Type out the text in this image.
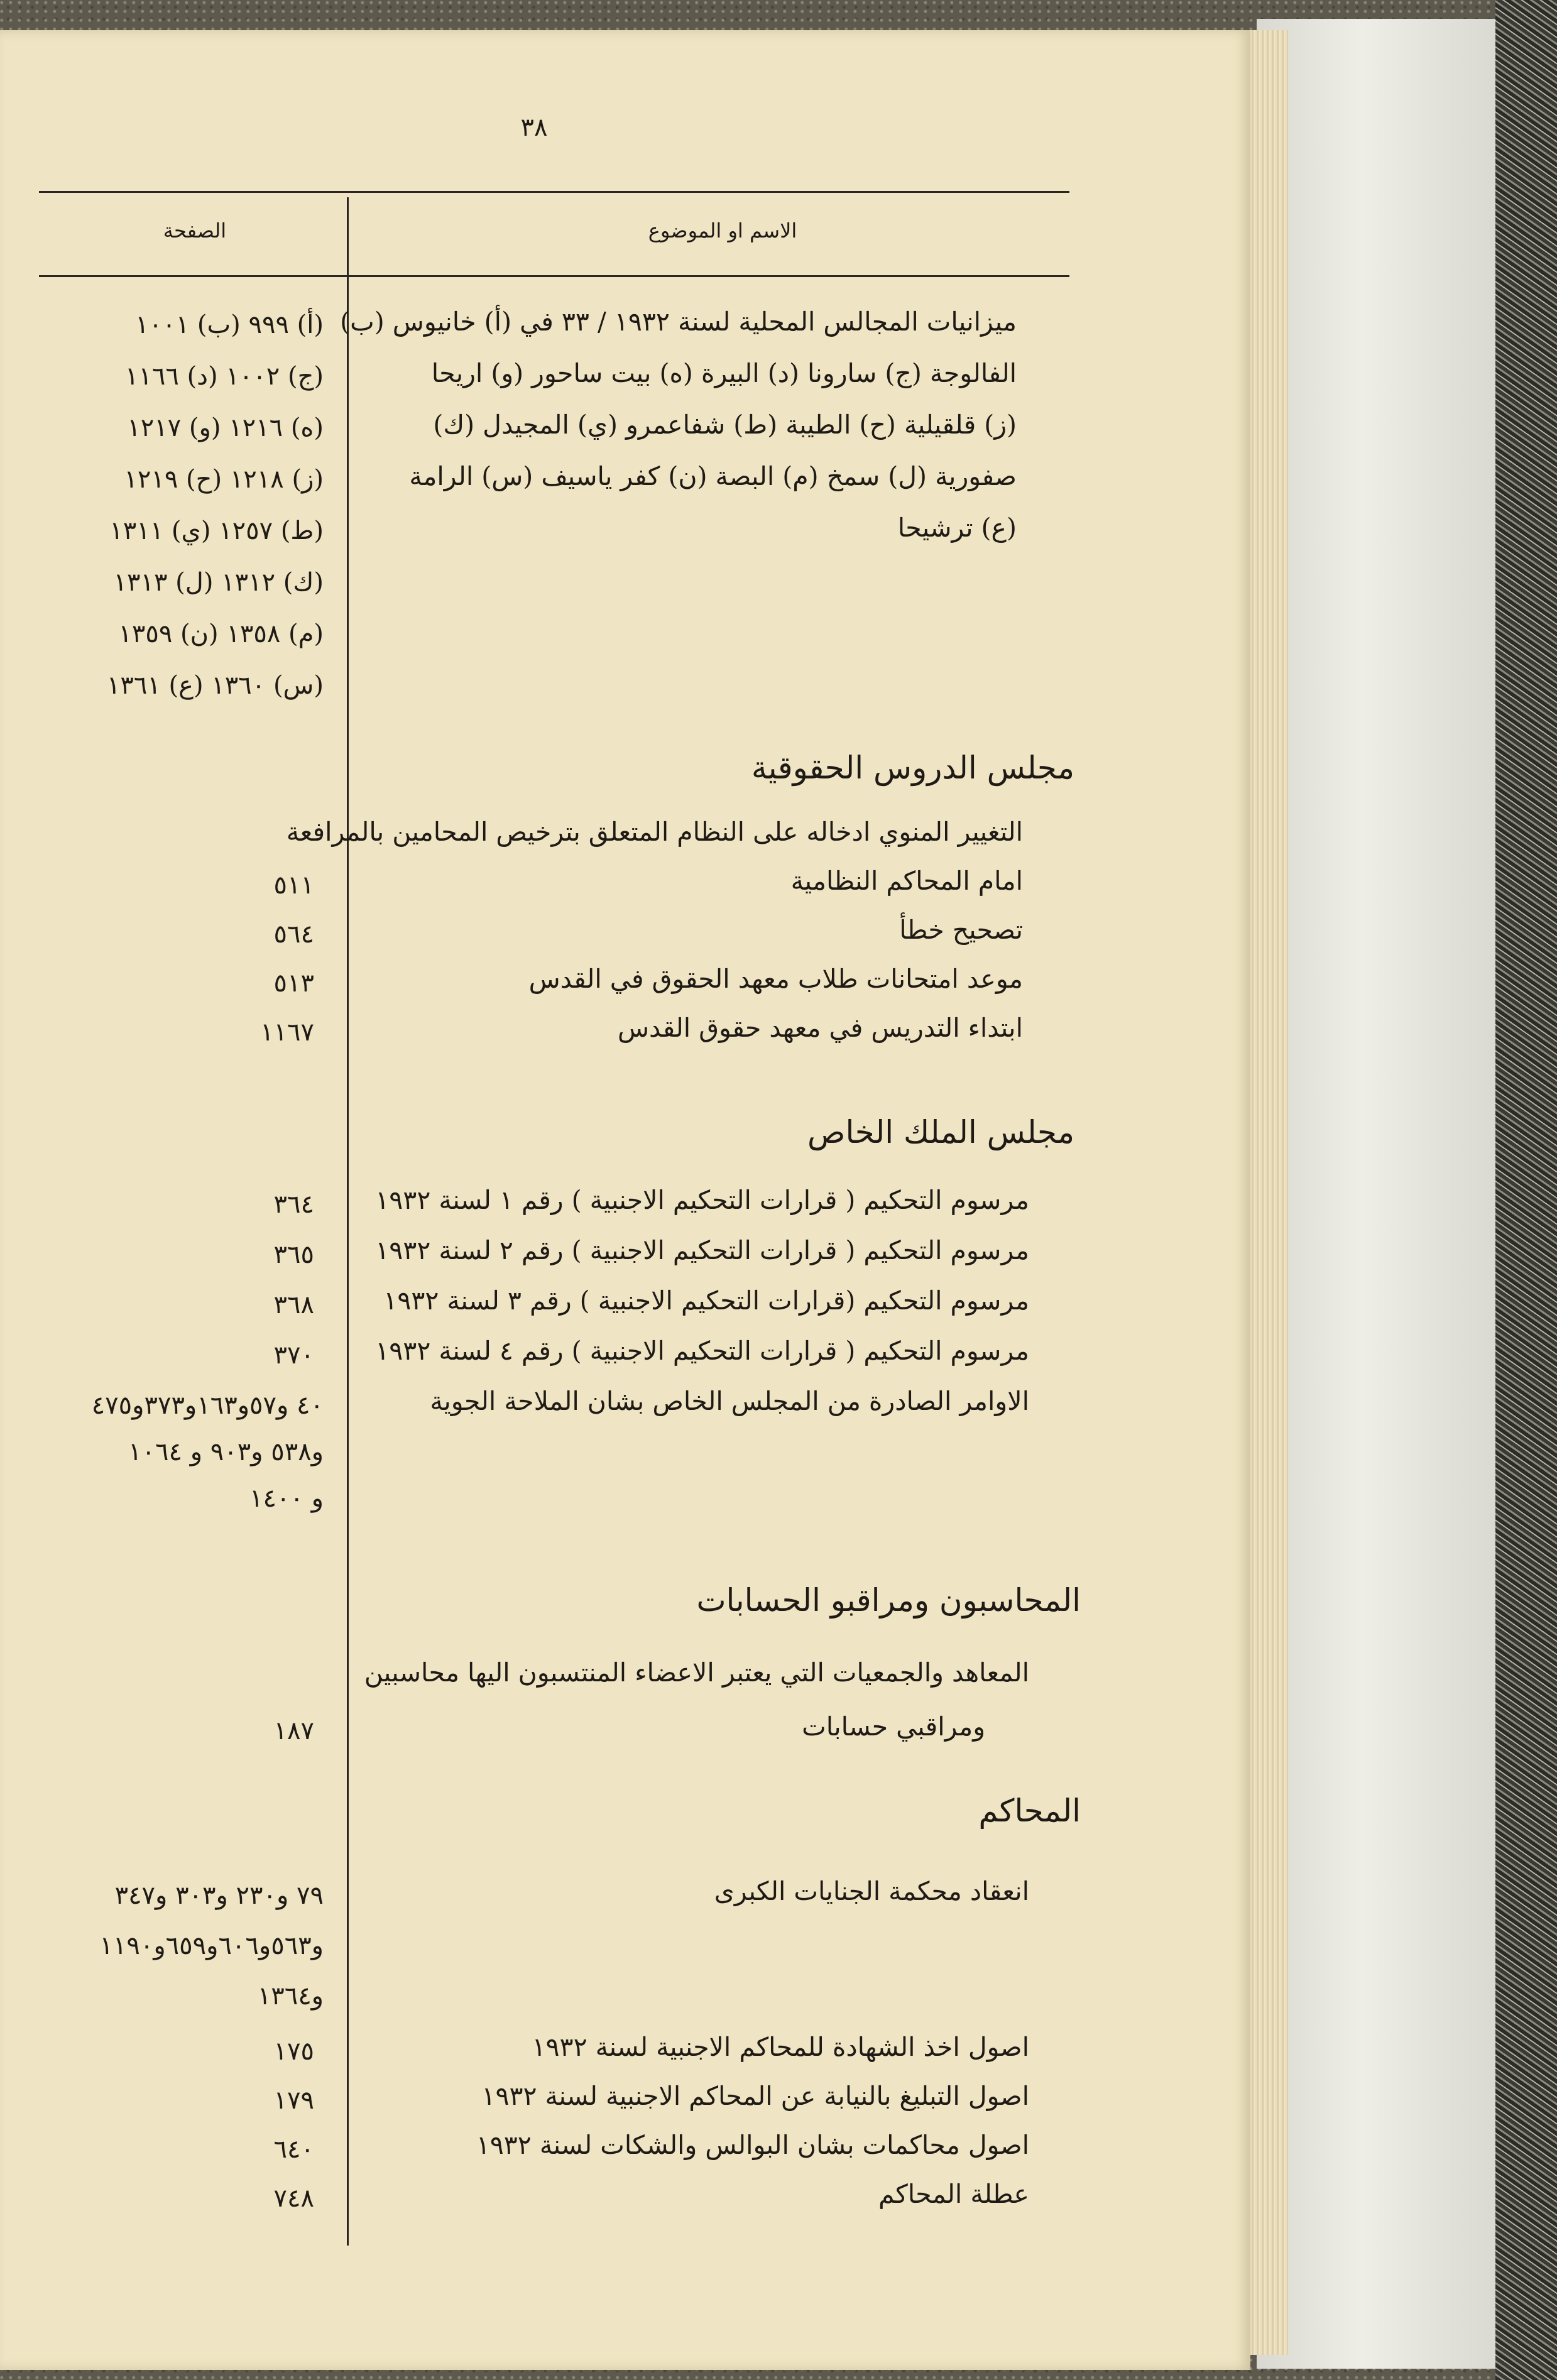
٣٨
الصفحة	الاسم او الموضوع
ميزانيات المجالس المحلية لسنة ١٩٣٢ / ٣٣ في (أ) خانيوس (ب)
الفالوجة (ج) سارونا (د) البيرة (ه) بيت ساحور (و) اريحا
(ز) قلقيلية (ح) الطيبة (ط) شفاعمرو (ي) المجيدل (ك)
صفورية (ل) سمخ (م) البصة (ن) كفر ياسيف (س) الرامة
(ع) ترشيحا
(أ) ٩٩٩ (ب) ١٠٠١
(ج) ١٠٠٢ (د) ١١٦٦
(ه) ١٢١٦ (و) ١٢١٧
(ز) ١٢١٨ (ح) ١٢١٩
(ط) ١٢٥٧ (ي) ١٣١١
(ك) ١٣١٢ (ل) ١٣١٣
(م) ١٣٥٨ (ن) ١٣٥٩
(س) ١٣٦٠ (ع) ١٣٦١
مجلس الدروس الحقوقية
التغيير المنوي ادخاله على النظام المتعلق بترخيص المحامين بالمرافعة
امام المحاكم النظامية
٥١١
تصحيح خطأ
٥٦٤
موعد امتحانات طلاب معهد الحقوق في القدس
٥١٣
ابتداء التدريس في معهد حقوق القدس
١١٦٧
مجلس الملك الخاص
مرسوم التحكيم ( قرارات التحكيم الاجنبية ) رقم ١ لسنة ١٩٣٢
٣٦٤
مرسوم التحكيم ( قرارات التحكيم الاجنبية ) رقم ٢ لسنة ١٩٣٢
٣٦٥
مرسوم التحكيم (قرارات التحكيم الاجنبية ) رقم ٣ لسنة ١٩٣٢
٣٦٨
مرسوم التحكيم ( قرارات التحكيم الاجنبية ) رقم ٤ لسنة ١٩٣٢
٣٧٠
الاوامر الصادرة من المجلس الخاص بشان الملاحة الجوية
٤٠ و٥٧و١٦٣و٣٧٣و٤٧٥
و٥٣٨ و٩٠٣ و ١٠٦٤
و ١٤٠٠
المحاسبون ومراقبو الحسابات
المعاهد والجمعيات التي يعتبر الاعضاء المنتسبون اليها محاسبين
ومراقبي حسابات
١٨٧
المحاكم
انعقاد محكمة الجنايات الكبرى
٧٩ و٢٣٠ و٣٠٣ و٣٤٧
و٥٦٣و٦٠٦و٦٥٩و١١٩٠
و١٣٦٤
اصول اخذ الشهادة للمحاكم الاجنبية لسنة ١٩٣٢
١٧٥
اصول التبليغ بالنيابة عن المحاكم الاجنبية لسنة ١٩٣٢
١٧٩
اصول محاكمات بشان البوالس والشكات لسنة ١٩٣٢
٦٤٠
عطلة المحاكم
٧٤٨
